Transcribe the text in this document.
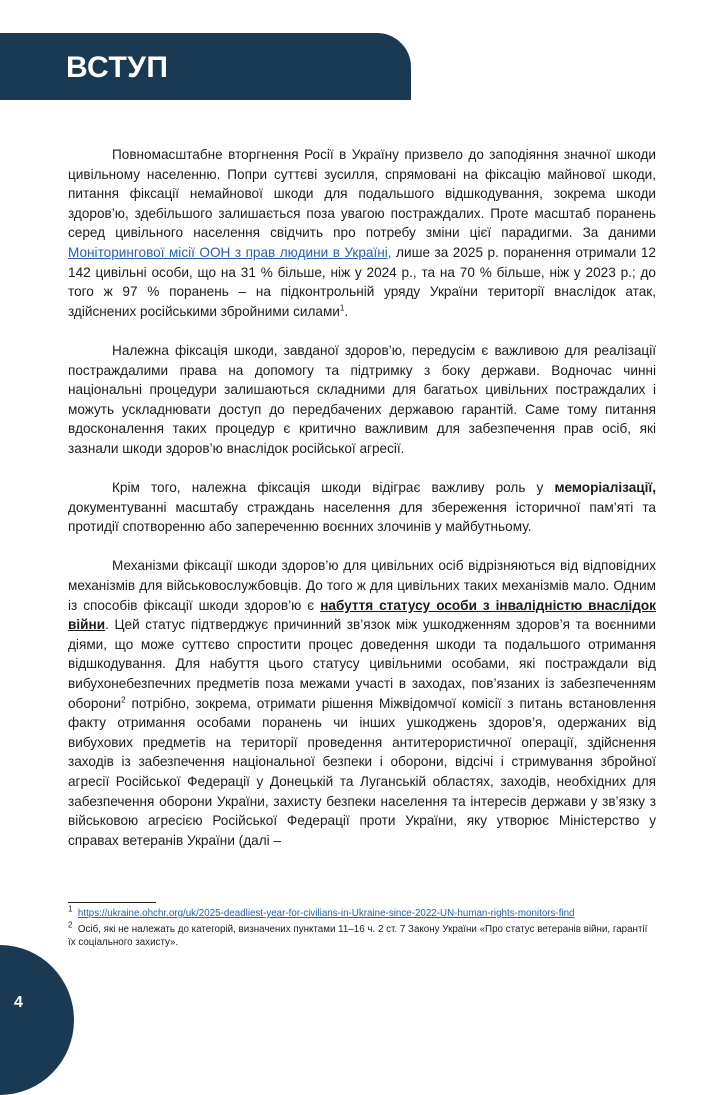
ВСТУП

Повномасштабне вторгнення Росії в Україну призвело до заподіяння значної шкоди цивільному населенню. Попри суттєві зусилля, спрямовані на фіксацію майнової шкоди, питання фіксації немайнової шкоди для подальшого відшкодування, зокрема шкоди здоров’ю, здебільшого залишається поза увагою постраждалих. Проте масштаб поранень серед цивільного населення свідчить про потребу зміни цієї парадигми. За даними Моніторингової місії ООН з прав людини в Україні, лише за 2025 р. поранення отримали 12 142 цивільні особи, що на 31 % більше, ніж у 2024 р., та на 70 % більше, ніж у 2023 р.; до того ж 97 % поранень – на підконтрольній уряду України території внаслідок атак, здійснених російськими збройними силами$^1$.

Належна фіксація шкоди, завданої здоров’ю, передусім є важливою для реалізації постраждалими права на допомогу та підтримку з боку держави. Водночас чинні національні процедури залишаються складними для багатьох цивільних постраждалих і можуть ускладнювати доступ до передбачених державою гарантій. Саме тому питання вдосконалення таких процедур є критично важливим для забезпечення прав осіб, які зазнали шкоди здоров’ю внаслідок російської агресії.

Крім того, належна фіксація шкоди відіграє важливу роль у меморіалізації, документуванні масштабу страждань населення для збереження історичної пам’яті та протидії спотворенню або запереченню воєнних злочинів у майбутньому.

Механізми фіксації шкоди здоров’ю для цивільних осіб відрізняються від відповідних механізмів для військовослужбовців. До того ж для цивільних таких механізмів мало. Одним із способів фіксації шкоди здоров’ю є набуття статусу особи з інвалідністю внаслідок війни. Цей статус підтверджує причинний зв’язок між ушкодженням здоров’я та воєнними діями, що може суттєво спростити процес доведення шкоди та подальшого отримання відшкодування. Для набуття цього статусу цивільними особами, які постраждали від вибухонебезпечних предметів поза межами участі в заходах, пов’язаних із забезпеченням оборони$^2$ потрібно, зокрема, отримати рішення Міжвідомчої комісії з питань встановлення факту отримання особами поранень чи інших ушкоджень здоров’я, одержаних від вибухових предметів на території проведення антитерористичної операції, здійснення заходів із забезпечення національної безпеки і оборони, відсічі і стримування збройної агресії Російської Федерації у Донецькій та Луганській областях, заходів, необхідних для забезпечення оборони України, захисту безпеки населення та інтересів держави у зв’язку з військовою агресією Російської Федерації проти України, яку утворює Міністерство у справах ветеранів України (далі –

$^1$ https://ukraine.ohchr.org/uk/2025-deadliest-year-for-civilians-in-Ukraine-since-2022-UN-human-rights-monitors-find

$^2$ Осіб, які не належать до категорій, визначених пунктами 11–16 ч. 2 ст. 7 Закону України «Про статус ветеранів війни, гарантії їх соціального захисту».

4
